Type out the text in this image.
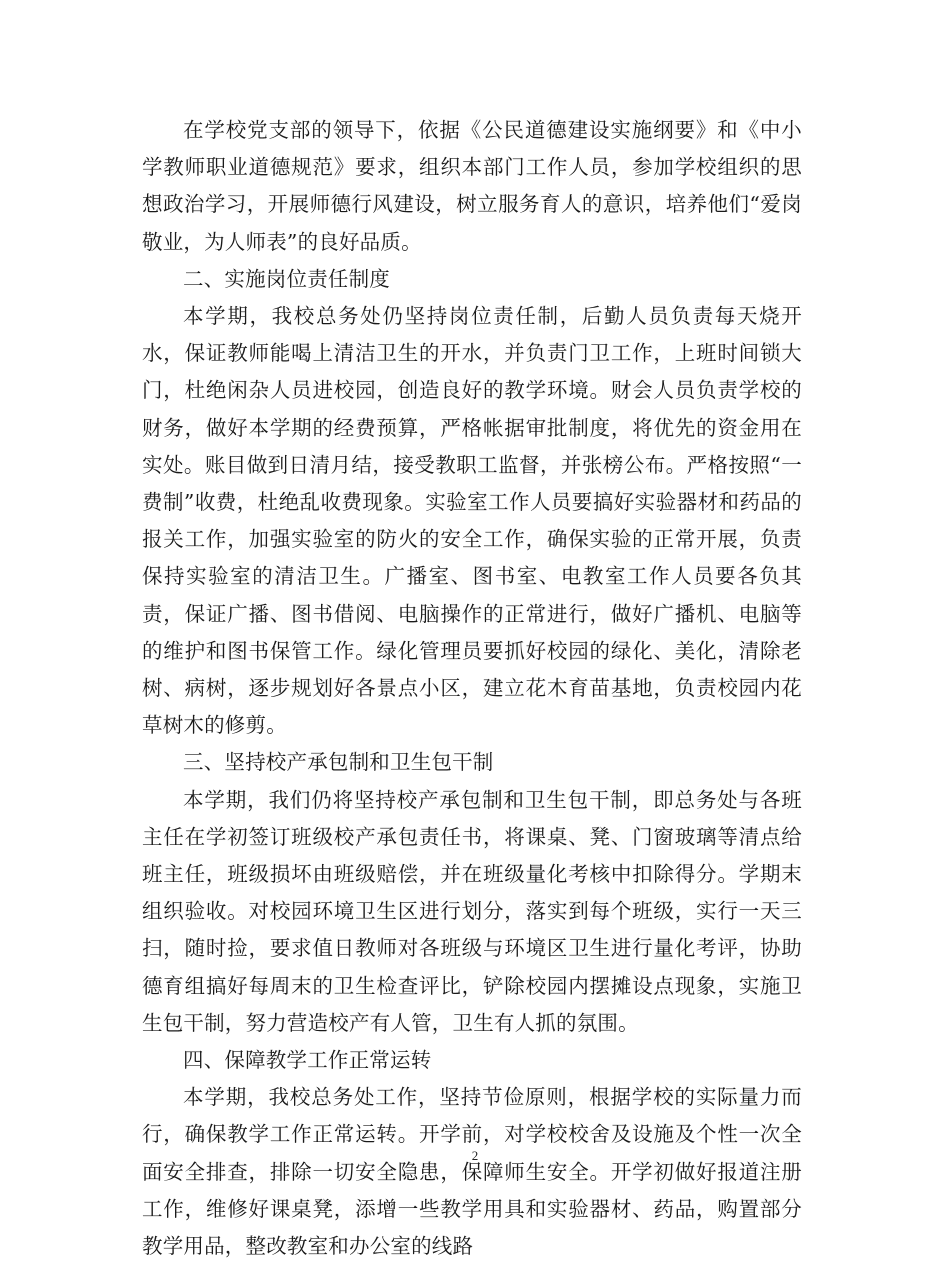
在学校党支部的领导下，依据《公民道德建设实施纲要》和《中小学教师职业道德规范》要求，组织本部门工作人员，参加学校组织的思想政治学习，开展师德行风建设，树立服务育人的意识，培养他们“爱岗敬业，为人师表”的良好品质。

二、实施岗位责任制度

本学期，我校总务处仍坚持岗位责任制，后勤人员负责每天烧开水，保证教师能喝上清洁卫生的开水，并负责门卫工作，上班时间锁大门，杜绝闲杂人员进校园，创造良好的教学环境。财会人员负责学校的财务，做好本学期的经费预算，严格帐据审批制度，将优先的资金用在实处。账目做到日清月结，接受教职工监督，并张榜公布。严格按照“一费制”收费，杜绝乱收费现象。实验室工作人员要搞好实验器材和药品的报关工作，加强实验室的防火的安全工作，确保实验的正常开展，负责保持实验室的清洁卫生。广播室、图书室、电教室工作人员要各负其责，保证广播、图书借阅、电脑操作的正常进行，做好广播机、电脑等的维护和图书保管工作。绿化管理员要抓好校园的绿化、美化，清除老树、病树，逐步规划好各景点小区，建立花木育苗基地，负责校园内花草树木的修剪。

三、坚持校产承包制和卫生包干制

本学期，我们仍将坚持校产承包制和卫生包干制，即总务处与各班主任在学初签订班级校产承包责任书，将课桌、凳、门窗玻璃等清点给班主任，班级损坏由班级赔偿，并在班级量化考核中扣除得分。学期末组织验收。对校园环境卫生区进行划分，落实到每个班级，实行一天三扫，随时捡，要求值日教师对各班级与环境区卫生进行量化考评，协助德育组搞好每周末的卫生检查评比，铲除校园内摆摊设点现象，实施卫生包干制，努力营造校产有人管，卫生有人抓的氛围。

四、保障教学工作正常运转

本学期，我校总务处工作，坚持节俭原则，根据学校的实际量力而行，确保教学工作正常运转。开学前，对学校校舍及设施及个性一次全面安全排查，排除一切安全隐患，保障师生安全。开学初做好报道注册工作，维修好课桌凳，添增一些教学用具和实验器材、药品，购置部分教学用品，整改教室和办公室的线路

2
